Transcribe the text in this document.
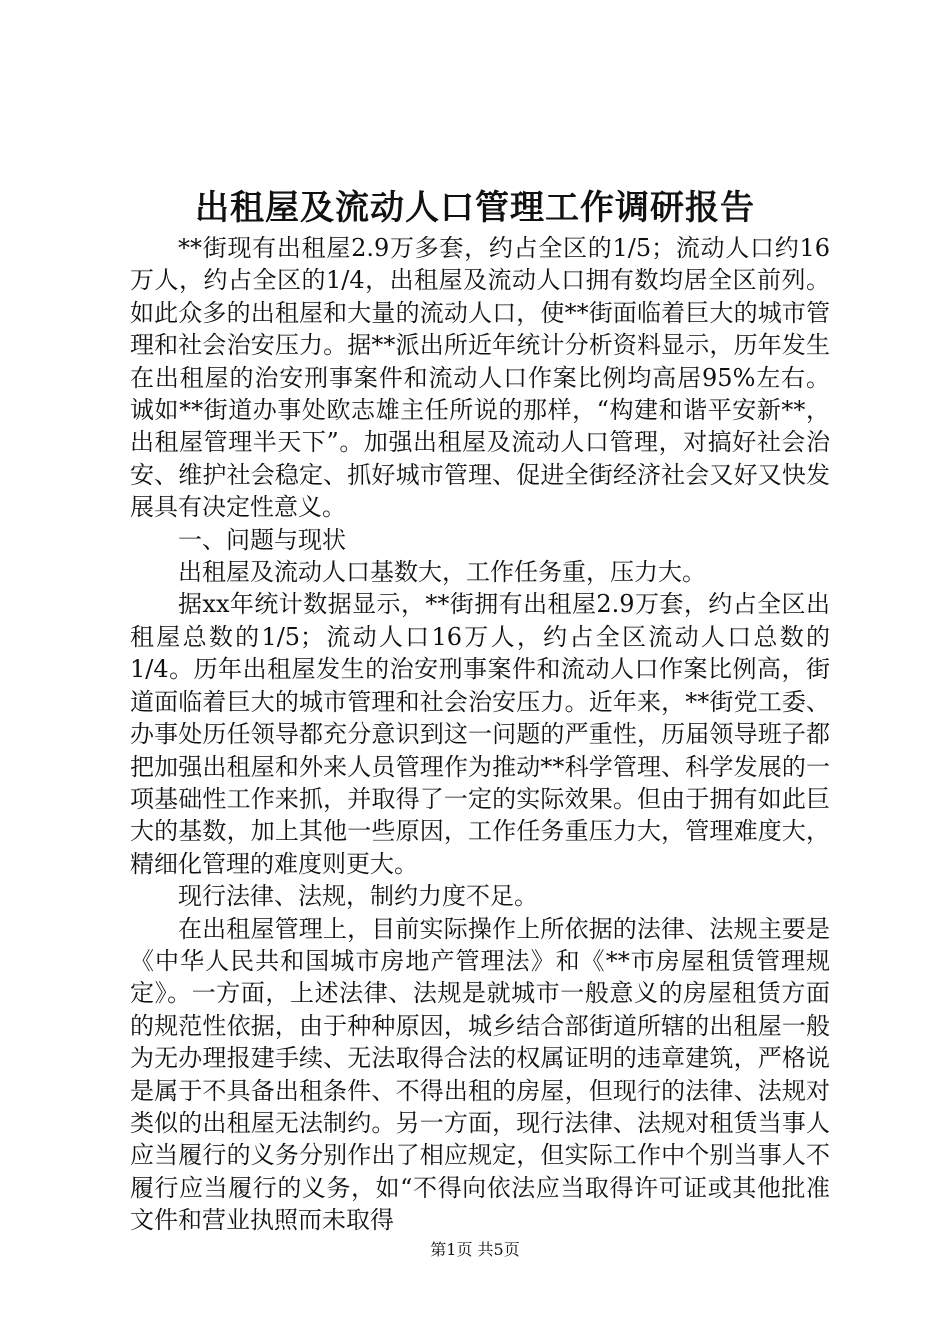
出租屋及流动人口管理工作调研报告

**街现有出租屋2.9万多套，约占全区的1/5；流动人口约16万人，约占全区的1/4，出租屋及流动人口拥有数均居全区前列。如此众多的出租屋和大量的流动人口，使**街面临着巨大的城市管理和社会治安压力。据**派出所近年统计分析资料显示，历年发生在出租屋的治安刑事案件和流动人口作案比例均高居95%左右。诚如**街道办事处欧志雄主任所说的那样，“构建和谐平安新**，出租屋管理半天下”。加强出租屋及流动人口管理，对搞好社会治安、维护社会稳定、抓好城市管理、促进全街经济社会又好又快发展具有决定性意义。

一、问题与现状

出租屋及流动人口基数大，工作任务重，压力大。

据xx年统计数据显示，**街拥有出租屋2.9万套，约占全区出租屋总数的1/5；流动人口16万人，约占全区流动人口总数的1/4。历年出租屋发生的治安刑事案件和流动人口作案比例高，街道面临着巨大的城市管理和社会治安压力。近年来，**街党工委、办事处历任领导都充分意识到这一问题的严重性，历届领导班子都把加强出租屋和外来人员管理作为推动**科学管理、科学发展的一项基础性工作来抓，并取得了一定的实际效果。但由于拥有如此巨大的基数，加上其他一些原因，工作任务重压力大，管理难度大，精细化管理的难度则更大。

现行法律、法规，制约力度不足。

在出租屋管理上，目前实际操作上所依据的法律、法规主要是《中华人民共和国城市房地产管理法》和《**市房屋租赁管理规定》。一方面，上述法律、法规是就城市一般意义的房屋租赁方面的规范性依据，由于种种原因，城乡结合部街道所辖的出租屋一般为无办理报建手续、无法取得合法的权属证明的违章建筑，严格说是属于不具备出租条件、不得出租的房屋，但现行的法律、法规对类似的出租屋无法制约。另一方面，现行法律、法规对租赁当事人应当履行的义务分别作出了相应规定，但实际工作中个别当事人不履行应当履行的义务，如“不得向依法应当取得许可证或其他批准文件和营业执照而未取得

第1页 共5页
